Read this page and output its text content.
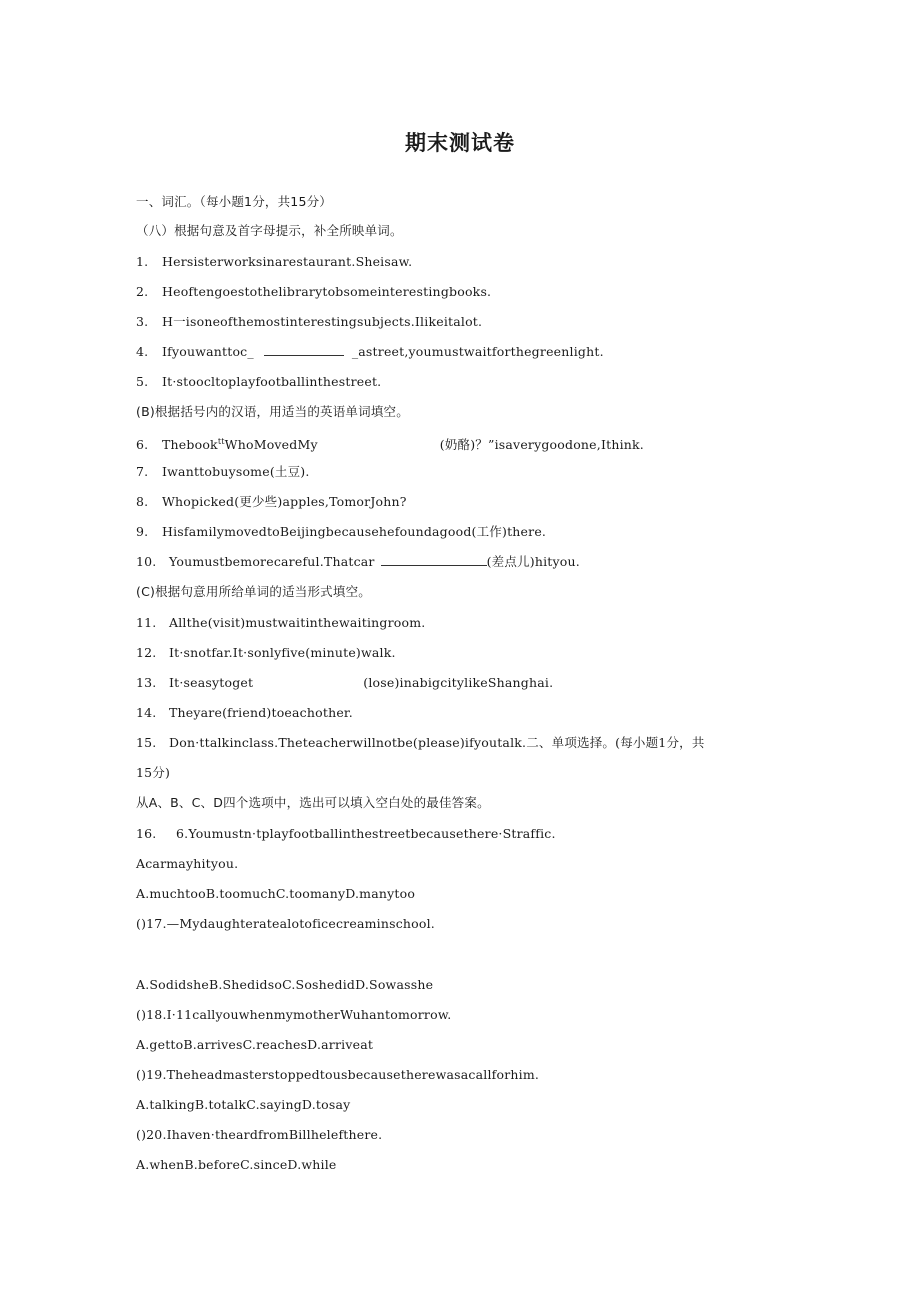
期末测试卷
一、词汇。（每小题1分，共15分）
（八）根据句意及首字母提示，补全所映单词。
1. Hersisterworksinarestaurant.Sheisaw.
2. Heoftengoestothelibrarytobsomeinterestingbooks.
3. H一isoneofthemostinterestingsubjects.Ilikeitalot.
4. Ifyouwanttoc_	_astreet,youmustwaitforthegreenlight.
5. It·stoocltoplayfootballinthestreet.
(B)根据括号内的汉语，用适当的英语单词填空。
6. Thebook$^{tt}$WhoMovedMy	(奶酪)？”isaverygoodone,Ithink.
7. Iwanttobuysome(土豆).
8. Whopicked(更少些)apples,TomorJohn?
9. HisfamilymovedtoBeijingbecausehefoundagood(工作)there.
10. Youmustbemorecareful.Thatcar	(差点儿)hityou.
(C)根据句意用所给单词的适当形式填空。
11. Allthe(visit)mustwaitinthewaitingroom.
12. It·snotfar.It·sonlyfive(minute)walk.
13. It·seasytoget	(lose)inabigcitylikeShanghai.
14. Theyare(friend)toeachother.
15. Don·ttalkinclass.Theteacherwillnotbe(please)ifyoutalk.二、单项选择。(每小题1分，共
15分)
从A、B、C、D四个选项中，选出可以填入空白处的最佳答案。
16. 6.Youmustn·tplayfootballinthestreetbecausethere·Straffic.
Acarmayhityou.
A.muchtooB.toomuchC.toomanyD.manytoo
()17.—Mydaughteratealotoficecreaminschool.
A.SodidsheB.ShedidsoC.SoshedidD.Sowasshe
()18.I·11callyouwhenmymotherWuhantomorrow.
Α.gettoB.arrivesC.reachesD.arriveat
()19.Theheadmasterstoppedtousbecausetherewasacallforhim.
A.talkingB.totalkC.sayingD.tosay
()20.Ihaven·theardfromBillhelefthere.
Α.whenB.beforeC.sinceD.while
